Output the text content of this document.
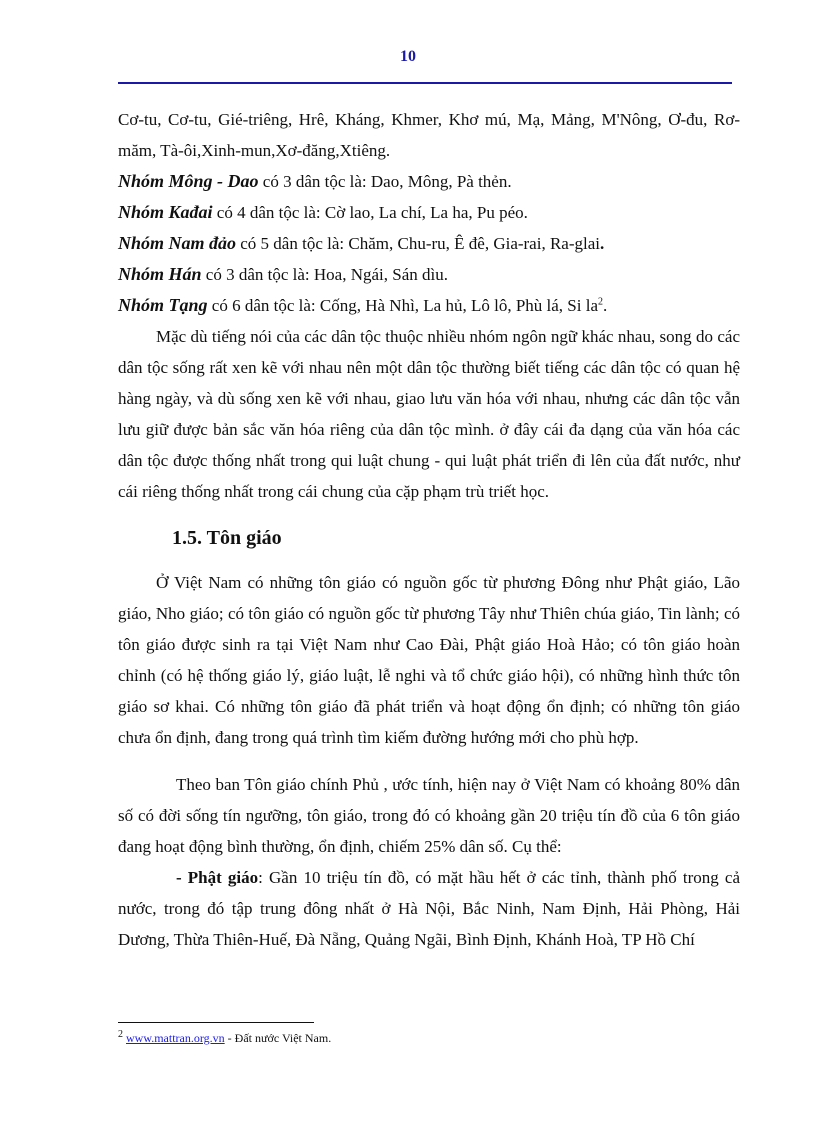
10

Cơ-tu, Cơ-tu, Gié-triêng, Hrê, Kháng, Khmer, Khơ mú, Mạ, Mảng, M'Nông, Ơ-đu, Rơ-măm, Tà-ôi,Xinh-mun,Xơ-đăng,Xtiêng.

Nhóm Mông - Dao có 3 dân tộc là: Dao, Mông, Pà thẻn.

Nhóm Kađai có 4 dân tộc là: Cờ lao, La chí, La ha, Pu péo.

Nhóm Nam đảo có 5 dân tộc là: Chăm, Chu-ru, Ê đê, Gia-rai, Ra-glai.

Nhóm Hán có 3 dân tộc là: Hoa, Ngái, Sán dìu.

Nhóm Tạng có 6 dân tộc là: Cống, Hà Nhì, La hủ, Lô lô, Phù lá, Si $la^2$.

Mặc dù tiếng nói của các dân tộc thuộc nhiều nhóm ngôn ngữ khác nhau, song do các dân tộc sống rất xen kẽ với nhau nên một dân tộc thường biết tiếng các dân tộc có quan hệ hàng ngày, và dù sống xen kẽ với nhau, giao lưu văn hóa với nhau, nhưng các dân tộc vẫn lưu giữ được bản sắc văn hóa riêng của dân tộc mình. ở đây cái đa dạng của văn hóa các dân tộc được thống nhất trong qui luật chung - qui luật phát triển đi lên của đất nước, như cái riêng thống nhất trong cái chung của cặp phạm trù triết học.

1.5. Tôn giáo

Ở Việt Nam có những tôn giáo có nguồn gốc từ phương Đông như Phật giáo, Lão giáo, Nho giáo; có tôn giáo có nguồn gốc từ phương Tây như Thiên chúa giáo, Tin lành; có tôn giáo được sinh ra tại Việt Nam như Cao Đài, Phật giáo Hoà Hảo; có tôn giáo hoàn chỉnh (có hệ thống giáo lý, giáo luật, lễ nghi và tổ chức giáo hội), có những hình thức tôn giáo sơ khai. Có những tôn giáo đã phát triển và hoạt động ổn định; có những tôn giáo chưa ổn định, đang trong quá trình tìm kiếm đường hướng mới cho phù hợp.

Theo ban Tôn giáo chính Phủ , ước tính, hiện nay ở Việt Nam có khoảng 80% dân số có đời sống tín ngưỡng, tôn giáo, trong đó có khoảng gần 20 triệu tín đồ của 6 tôn giáo đang hoạt động bình thường, ổn định, chiếm 25% dân số. Cụ thể:

- Phật giáo: Gần 10 triệu tín đồ, có mặt hầu hết ở các tỉnh, thành phố trong cả nước, trong đó tập trung đông nhất ở Hà Nội, Bắc Ninh, Nam Định, Hải Phòng, Hải Dương, Thừa Thiên-Huế, Đà Nẵng, Quảng Ngãi, Bình Định, Khánh Hoà, TP Hồ Chí

$^2$ www.mattran.org.vn - Đất nước Việt Nam.
